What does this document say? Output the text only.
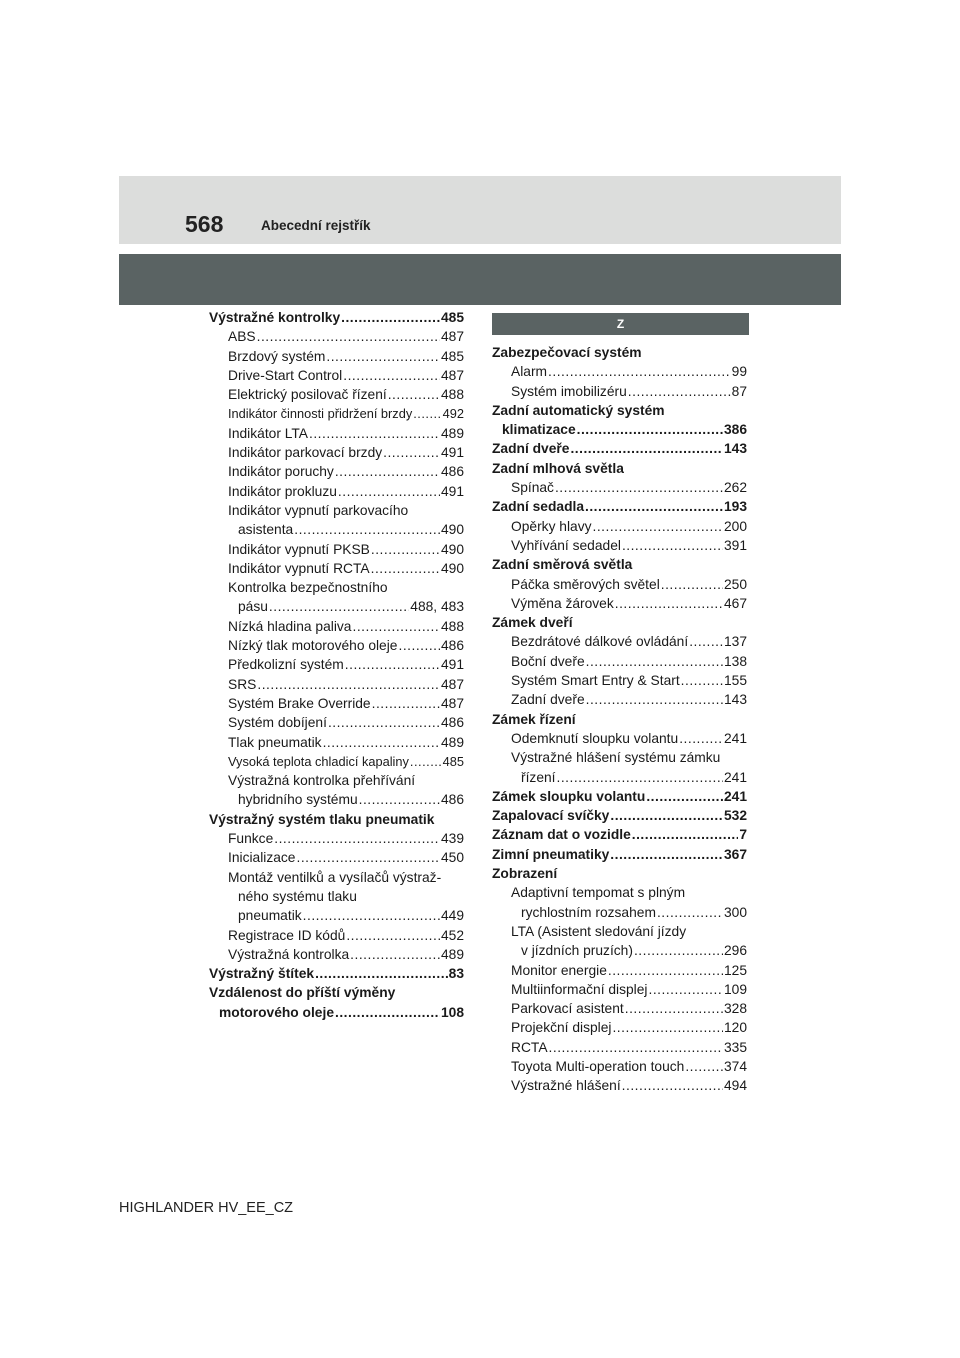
568	Abecední rejstřík
Výstražné kontrolky .....	485
ABS .....	487
Brzdový systém .....	485
Drive-Start Control .....	487
Elektrický posilovač řízení .....	488
Indikátor činnosti přidržení brzdy ..... 492
Indikátor LTA .....	489
Indikátor parkovací brzdy .....	491
Indikátor poruchy .....	486
Indikátor prokluzu .....	491
Indikátor vypnutí parkovacího
asistenta .....	490
Indikátor vypnutí PKSB .....	490
Indikátor vypnutí RCTA .....	490
Kontrolka bezpečnostního
pásu .....	488, 483
Nízká hladina paliva .....	488
Nízký tlak motorového oleje .....	486
Předkolizní systém .....	491
SRS .....	487
Systém Brake Override .....	487
Systém dobíjení .....	486
Tlak pneumatik .....	489
Vysoká teplota chladicí kapaliny .....	485
Výstražná kontrolka přehřívání
hybridního systému .....	486
Výstražný systém tlaku pneumatik
Funkce .....	439
Inicializace .....	450
Montáž ventilků a vysílačů výstraž-
ného systému tlaku
pneumatik .....	449
Registrace ID kódů .....	452
Výstražná kontrolka .....	489
Výstražný štítek .....	83
Vzdálenost do příští výměny
motorového oleje .....	108
Z
Zabezpečovací systém
Alarm .....	99
Systém imobilizéru .....	87
Zadní automatický systém
klimatizace .....	386
Zadní dveře .....	143
Zadní mlhová světla
Spínač .....	262
Zadní sedadla .....	193
Opěrky hlavy .....	200
Vyhřívání sedadel .....	391
Zadní směrová světla
Páčka směrových světel .....	250
Výměna žárovek .....	467
Zámek dveří
Bezdrátové dálkové ovládání .....	137
Boční dveře .....	138
Systém Smart Entry & Start .....	155
Zadní dveře .....	143
Zámek řízení
Odemknutí sloupku volantu .....	241
Výstražné hlášení systému zámku
řízení .....	241
Zámek sloupku volantu .....	241
Zapalovací svíčky .....	532
Záznam dat o vozidle .....	7
Zimní pneumatiky .....	367
Zobrazení
Adaptivní tempomat s plným
rychlostním rozsahem .....	300
LTA (Asistent sledování jízdy
v jízdních pruzích) .....	296
Monitor energie .....	125
Multiinformační displej .....	109
Parkovací asistent .....	328
Projekční displej .....	120
RCTA .....	335
Toyota Multi-operation touch .....	374
Výstražné hlášení .....	494
HIGHLANDER HV_EE_CZ
